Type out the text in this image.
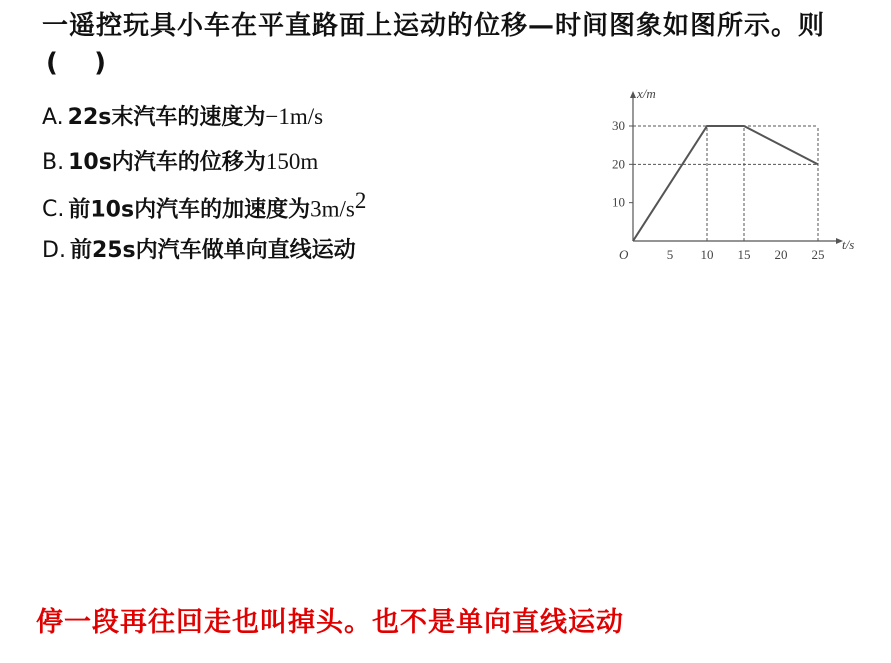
一遥控玩具小车在平直路面上运动的位移—时间图象如图所示。则
(    )
A. 22s末汽车的速度为−1m/s
B. 10s内汽车的位移为150m
C. 前10s内汽车的加速度为$3m/s^2$
D. 前25s内汽车做单向直线运动
10
20
30
5 10 15 20 25
O
x/m
t/s
停一段再往回走也叫掉头。也不是单向直线运动
